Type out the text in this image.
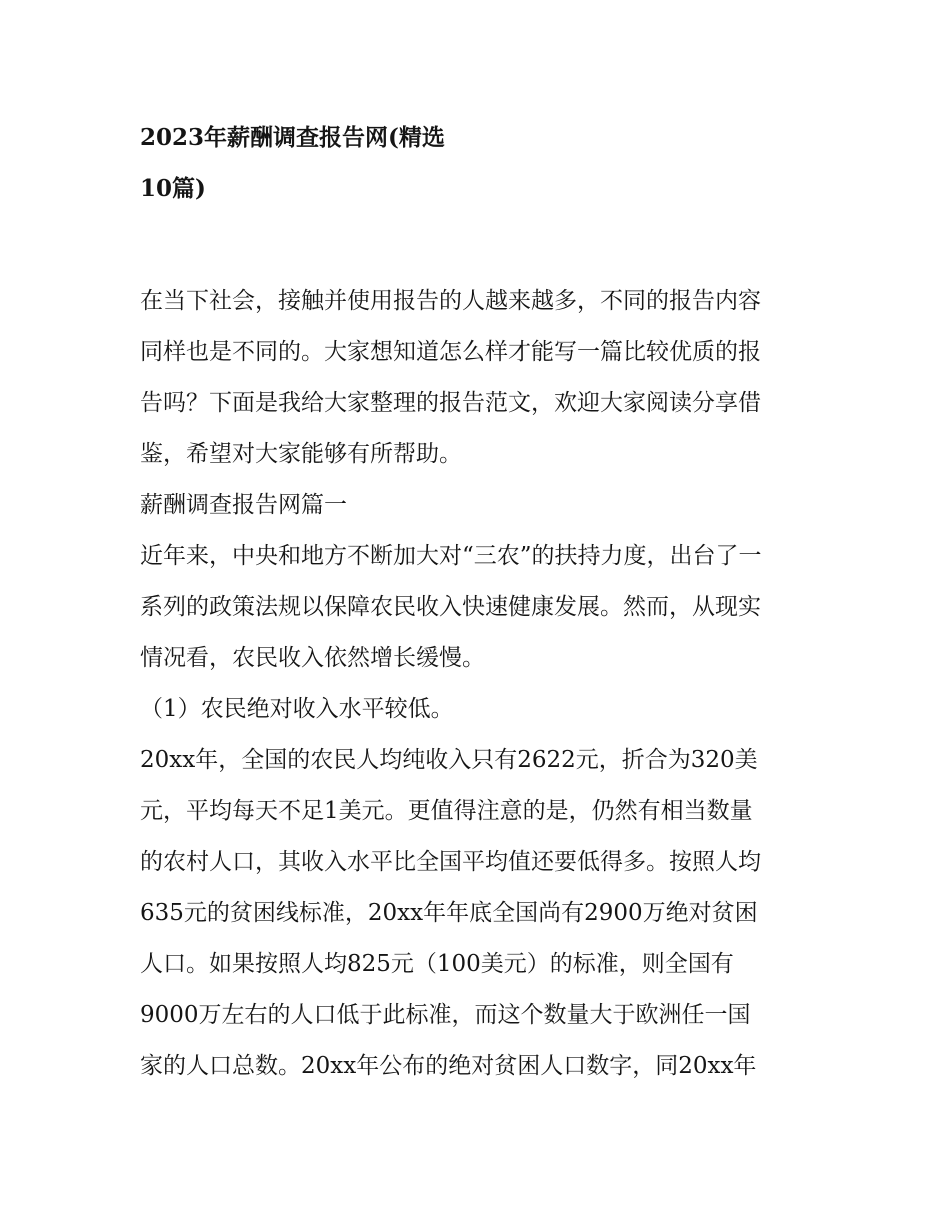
2023年薪酬调查报告网(精选
10篇)
在当下社会，接触并使用报告的人越来越多，不同的报告内容
同样也是不同的。大家想知道怎么样才能写一篇比较优质的报
告吗？下面是我给大家整理的报告范文，欢迎大家阅读分享借
鉴，希望对大家能够有所帮助。
薪酬调查报告网篇一
近年来，中央和地方不断加大对“三农”的扶持力度，出台了一
系列的政策法规以保障农民收入快速健康发展。然而，从现实
情况看，农民收入依然增长缓慢。
（1）农民绝对收入水平较低。
20xx年，全国的农民人均纯收入只有2622元，折合为320美
元，平均每天不足1美元。更值得注意的是，仍然有相当数量
的农村人口，其收入水平比全国平均值还要低得多。按照人均
635元的贫困线标准，20xx年年底全国尚有2900万绝对贫困
人口。如果按照人均825元（100美元）的标准，则全国有
9000万左右的人口低于此标准，而这个数量大于欧洲任一国
家的人口总数。20xx年公布的绝对贫困人口数字，同20xx年
